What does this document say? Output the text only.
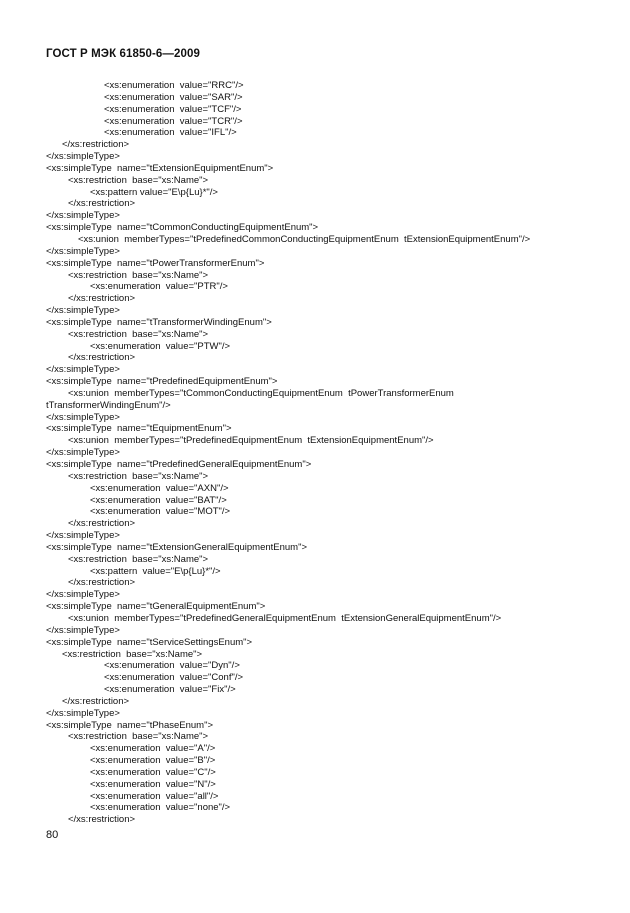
ГОСТ Р МЭК 61850-6—2009
<xs:enumeration  value="RRC"/>
<xs:enumeration  value="SAR"/>
<xs:enumeration  value="TCF"/>
<xs:enumeration  value="TCR"/>
<xs:enumeration  value="IFL"/>
</xs:restriction>
</xs:simpleType>
<xs:simpleType  name="tExtensionEquipmentEnum">
<xs:restriction  base="xs:Name">
<xs:pattern value="E\p{Lu}*"/>
</xs:restriction>
</xs:simpleType>
<xs:simpleType  name="tCommonConductingEquipmentEnum">
<xs:union  memberTypes="tPredefinedCommonConductingEquipmentEnum  tExtensionEquipmentEnum"/>
</xs:simpleType>
<xs:simpleType  name="tPowerTransformerEnum">
<xs:restriction  base="xs:Name">
<xs:enumeration  value="PTR"/>
</xs:restriction>
</xs:simpleType>
<xs:simpleType  name="tTransformerWindingEnum">
<xs:restriction  base="xs:Name">
<xs:enumeration  value="PTW"/>
</xs:restriction>
</xs:simpleType>
<xs:simpleType  name="tPredefinedEquipmentEnum">
<xs:union  memberTypes="tCommonConductingEquipmentEnum  tPowerTransformerEnum
tTransformerWindingEnum"/>
</xs:simpleType>
<xs:simpleType  name="tEquipmentEnum">
<xs:union  memberTypes="tPredefinedEquipmentEnum  tExtensionEquipmentEnum"/>
</xs:simpleType>
<xs:simpleType  name="tPredefinedGeneralEquipmentEnum">
<xs:restriction  base="xs:Name">
<xs:enumeration  value="AXN"/>
<xs:enumeration  value="BAT"/>
<xs:enumeration  value="MOT"/>
</xs:restriction>
</xs:simpleType>
<xs:simpleType  name="tExtensionGeneralEquipmentEnum">
<xs:restriction  base="xs:Name">
<xs:pattern  value="E\p{Lu}*"/>
</xs:restriction>
</xs:simpleType>
<xs:simpleType  name="tGeneralEquipmentEnum">
<xs:union  memberTypes="tPredefinedGeneralEquipmentEnum  tExtensionGeneralEquipmentEnum"/>
</xs:simpleType>
<xs:simpleType  name="tServiceSettingsEnum">
<xs:restriction  base="xs:Name">
<xs:enumeration  value="Dyn"/>
<xs:enumeration  value="Conf"/>
<xs:enumeration  value="Fix"/>
</xs:restriction>
</xs:simpleType>
<xs:simpleType  name="tPhaseEnum">
<xs:restriction  base="xs:Name">
<xs:enumeration  value="A"/>
<xs:enumeration  value="B"/>
<xs:enumeration  value="C"/>
<xs:enumeration  value="N"/>
<xs:enumeration  value="all"/>
<xs:enumeration  value="none"/>
</xs:restriction>
80
